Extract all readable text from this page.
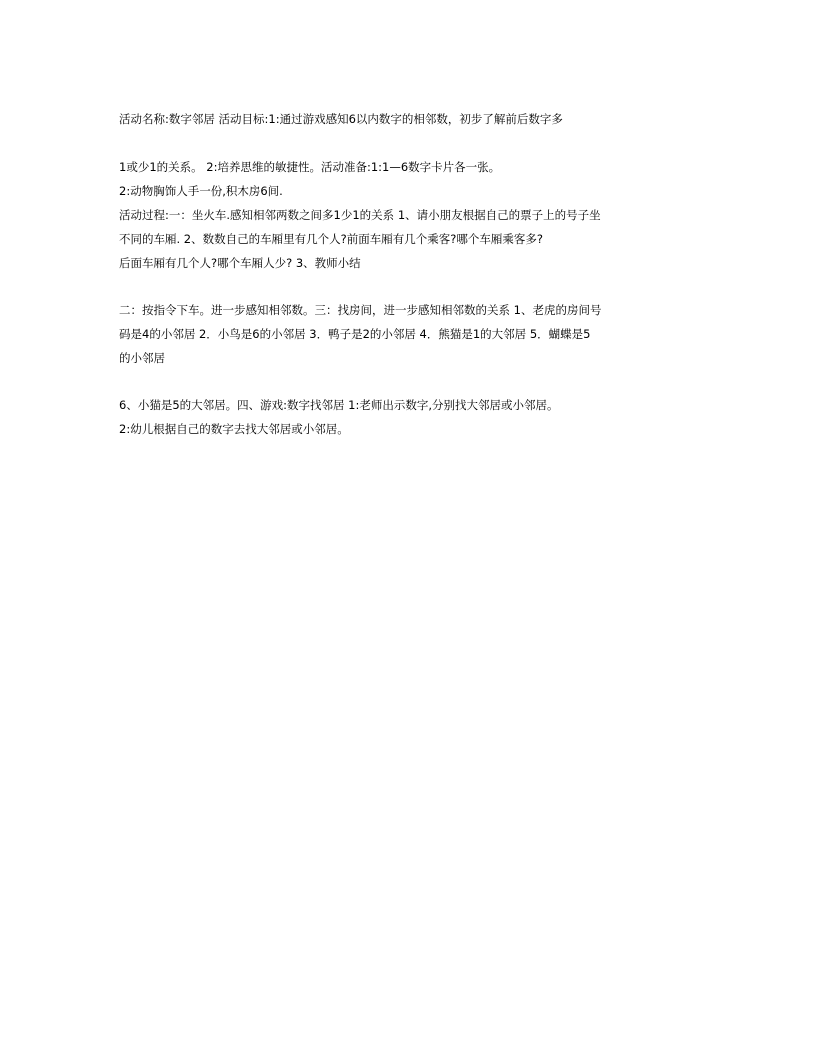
活动名称:数字邻居 活动目标:1:通过游戏感知6以内数字的相邻数，初步了解前后数字多
1或少1的关系。 2:培养思维的敏捷性。活动准备:1:1—6数字卡片各一张。
2:动物胸饰人手一份,积木房6间.
活动过程:一：坐火车.感知相邻两数之间多1少1的关系 1、请小朋友根据自己的票子上的号子坐
不同的车厢. 2、数数自己的车厢里有几个人?前面车厢有几个乘客?哪个车厢乘客多?
后面车厢有几个人?哪个车厢人少? 3、教师小结
二：按指令下车。进一步感知相邻数。三：找房间，进一步感知相邻数的关系 1、老虎的房间号
码是4的小邻居 2．小鸟是6的小邻居 3．鸭子是2的小邻居 4．熊猫是1的大邻居 5．蝴蝶是5
的小邻居
6、小猫是5的大邻居。四、游戏:数字找邻居 1:老师出示数字,分别找大邻居或小邻居。
2:幼儿根据自己的数字去找大邻居或小邻居。
